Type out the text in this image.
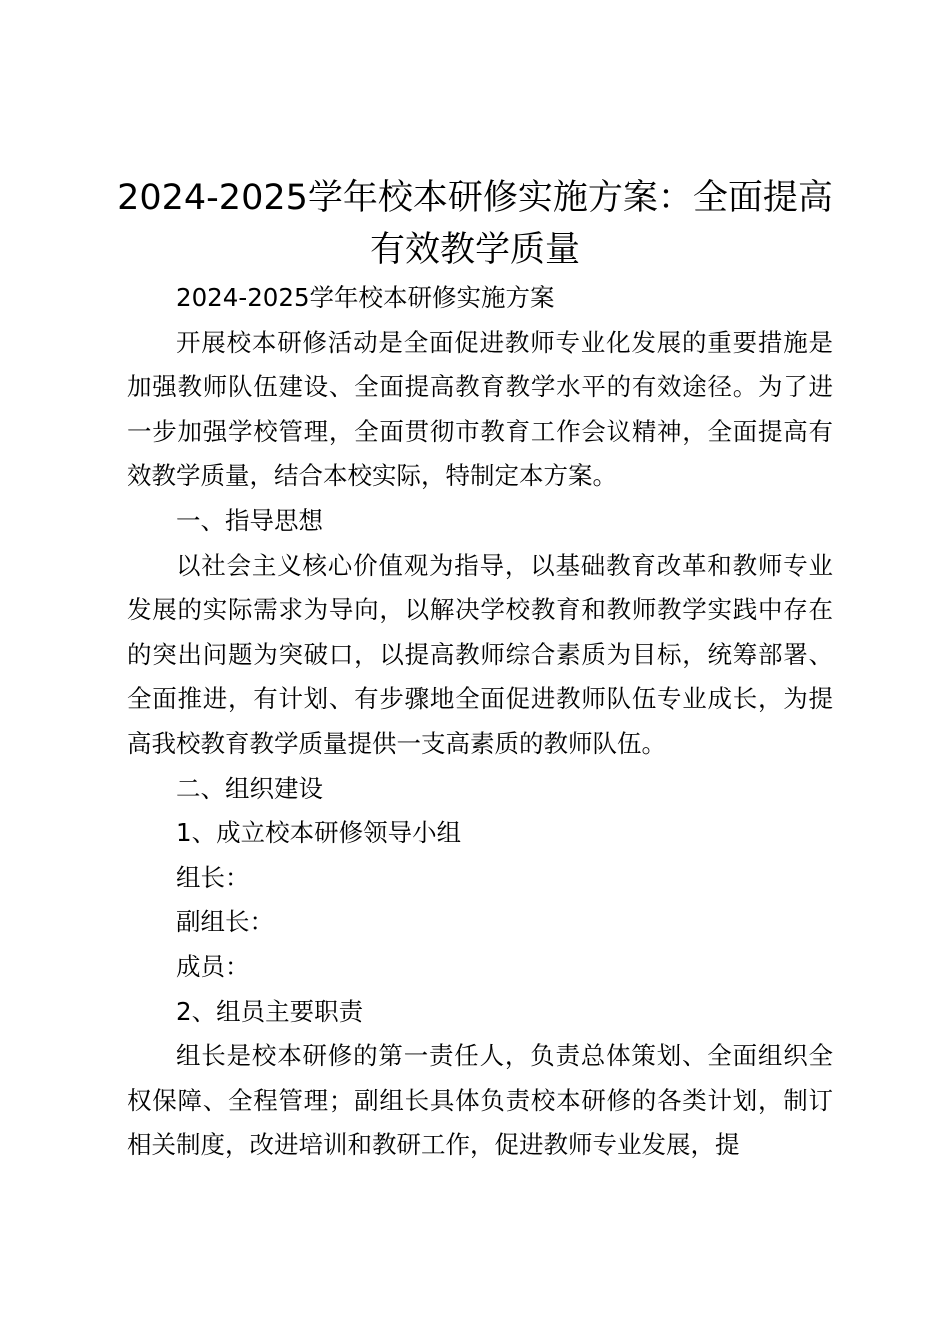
2024-2025学年校本研修实施方案：全面提高有效教学质量

2024-2025学年校本研修实施方案

开展校本研修活动是全面促进教师专业化发展的重要措施是加强教师队伍建设、全面提高教育教学水平的有效途径。为了进一步加强学校管理，全面贯彻市教育工作会议精神，全面提高有效教学质量，结合本校实际，特制定本方案。

一、指导思想

以社会主义核心价值观为指导，以基础教育改革和教师专业发展的实际需求为导向，以解决学校教育和教师教学实践中存在的突出问题为突破口，以提高教师综合素质为目标，统筹部署、全面推进，有计划、有步骤地全面促进教师队伍专业成长，为提高我校教育教学质量提供一支高素质的教师队伍。

二、组织建设

1、成立校本研修领导小组

组长：

副组长：

成员：

2、组员主要职责

组长是校本研修的第一责任人，负责总体策划、全面组织全权保障、全程管理；副组长具体负责校本研修的各类计划，制订相关制度，改进培训和教研工作，促进教师专业发展，提
